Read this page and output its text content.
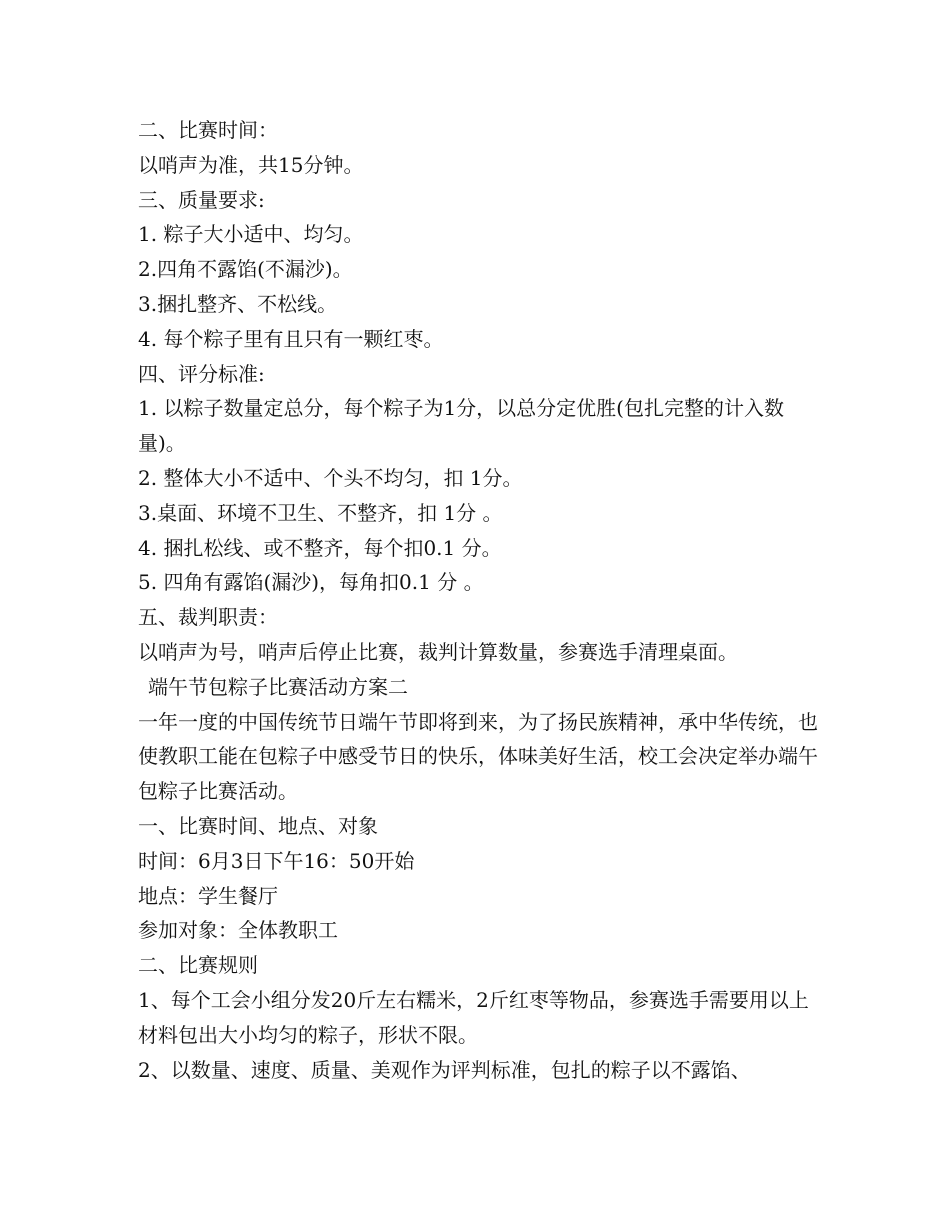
二、比赛时间：

以哨声为准，共15分钟。

三、质量要求:

1. 粽子大小适中、均匀。

2.四角不露馅(不漏沙)。

3.捆扎整齐、不松线。

4. 每个粽子里有且只有一颗红枣。

四、评分标准:

1. 以粽子数量定总分，每个粽子为1分，以总分定优胜(包扎完整的计入数量)。

2. 整体大小不适中、个头不均匀，扣 1分。

3.桌面、环境不卫生、不整齐，扣 1分 。

4. 捆扎松线、或不整齐，每个扣0.1 分。

5. 四角有露馅(漏沙)，每角扣0.1 分 。

五、裁判职责：

以哨声为号，哨声后停止比赛，裁判计算数量，参赛选手清理桌面。

端午节包粽子比赛活动方案二

一年一度的中国传统节日端午节即将到来，为了扬民族精神，承中华传统，也使教职工能在包粽子中感受节日的快乐，体味美好生活，校工会决定举办端午包粽子比赛活动。

一、比赛时间、地点、对象

时间：6月3日下午16：50开始

地点：学生餐厅

参加对象：全体教职工

二、比赛规则

1、每个工会小组分发20斤左右糯米，2斤红枣等物品，参赛选手需要用以上材料包出大小均匀的粽子，形状不限。

2、以数量、速度、质量、美观作为评判标准，包扎的粽子以不露馅、
